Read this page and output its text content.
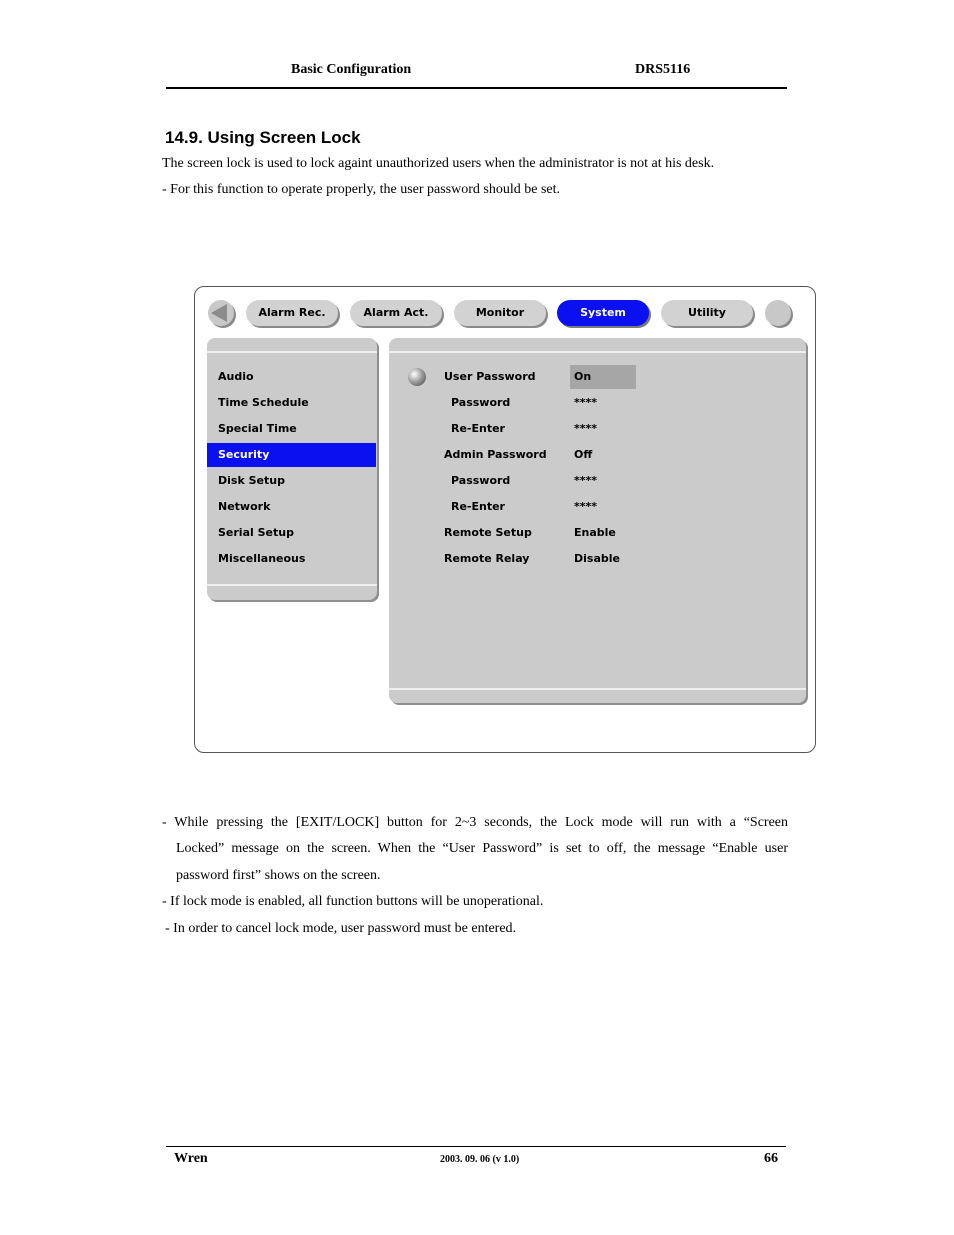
Basic Configuration	DRS5116
14.9. Using Screen Lock
The screen lock is used to lock againt unauthorized users when the administrator is not at his desk.
- For this function to operate properly, the user password should be set.
Alarm Rec.	Alarm Act.	Monitor	System	Utility
Audio
Time Schedule
Special Time
Security
Disk Setup
Network
Serial Setup
Miscellaneous
User Password	On
Password	****
Re-Enter	****
Admin Password	Off
Password	****
Re-Enter	****
Remote Setup	Enable
Remote Relay	Disable
- While pressing the [EXIT/LOCK] button for 2~3 seconds, the Lock mode will run with a “Screen
Locked” message on the screen. When the “User Password” is set to off, the message “Enable user
password first” shows on the screen.
- If lock mode is enabled, all function buttons will be unoperational.
- In order to cancel lock mode, user password must be entered.
Wren	2003. 09. 06 (v 1.0)	66
